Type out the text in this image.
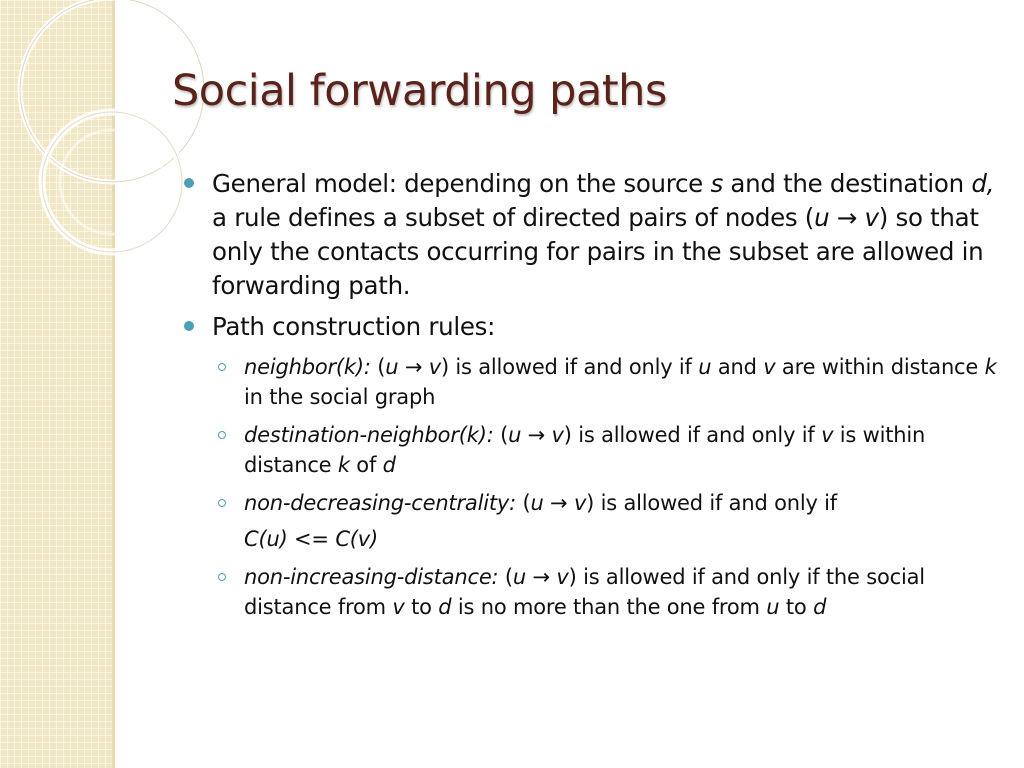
Social forwarding paths
General model: depending on the source s and the destination d, a rule defines a subset of directed pairs of nodes (u → v) so that only the contacts occurring for pairs in the subset are allowed in forwarding path.
Path construction rules:
neighbor(k): (u → v) is allowed if and only if u and v are within distance k in the social graph
destination-neighbor(k): (u → v) is allowed if and only if v is within distance k of d
non-decreasing-centrality: (u → v) is allowed if and only if
C(u) <= C(v)
non-increasing-distance: (u → v) is allowed if and only if the social distance from v to d is no more than the one from u to d
